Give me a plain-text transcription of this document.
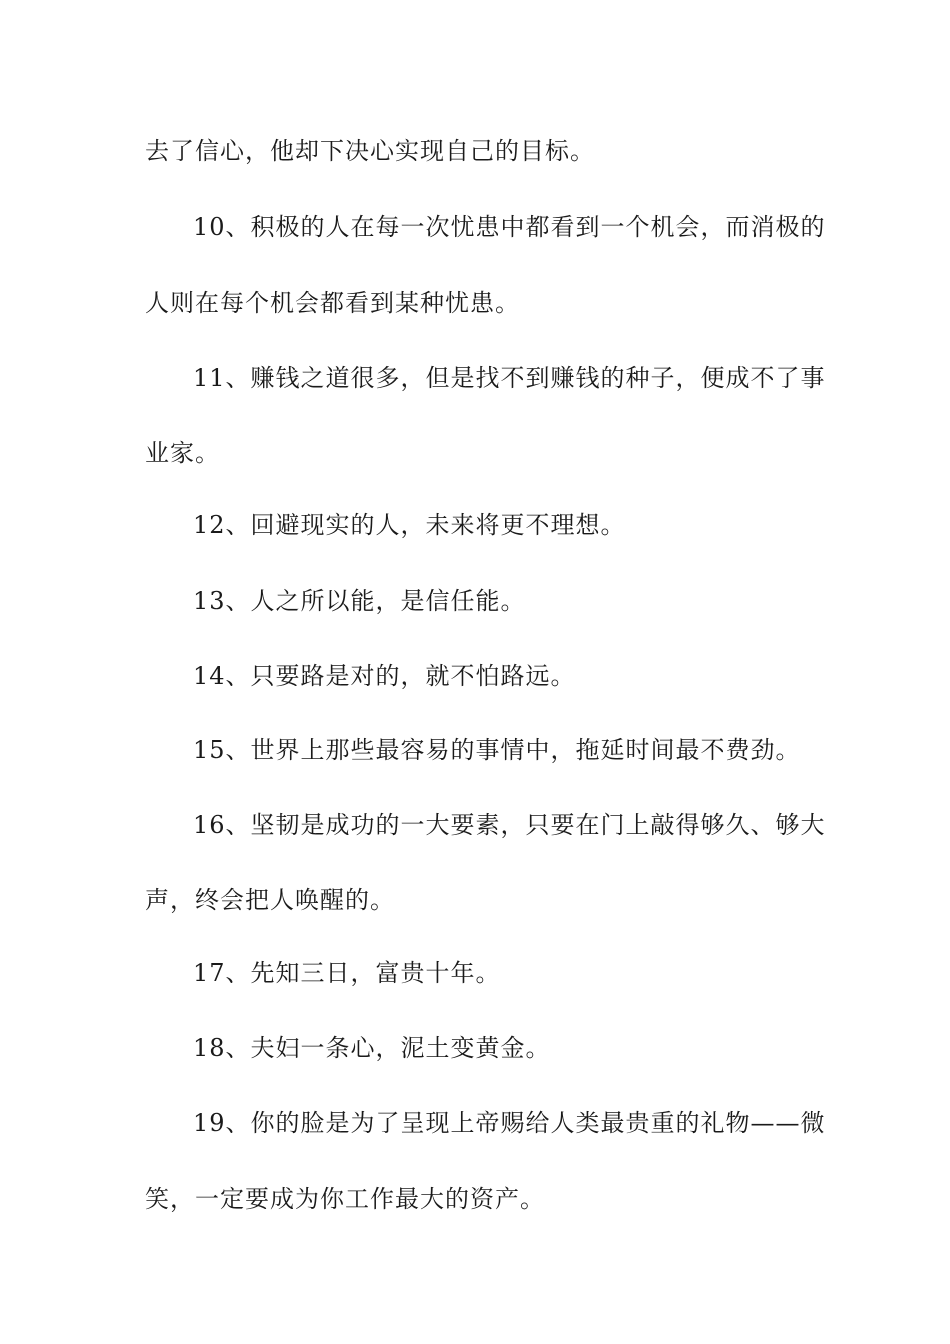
去了信心，他却下决心实现自己的目标。
10、积极的人在每一次忧患中都看到一个机会，而消极的
人则在每个机会都看到某种忧患。
11、赚钱之道很多，但是找不到赚钱的种子，便成不了事
业家。
12、回避现实的人，未来将更不理想。
13、人之所以能，是信任能。
14、只要路是对的，就不怕路远。
15、世界上那些最容易的事情中，拖延时间最不费劲。
16、坚韧是成功的一大要素，只要在门上敲得够久、够大
声，终会把人唤醒的。
17、先知三日，富贵十年。
18、夫妇一条心，泥土变黄金。
19、你的脸是为了呈现上帝赐给人类最贵重的礼物——微
笑，一定要成为你工作最大的资产。
